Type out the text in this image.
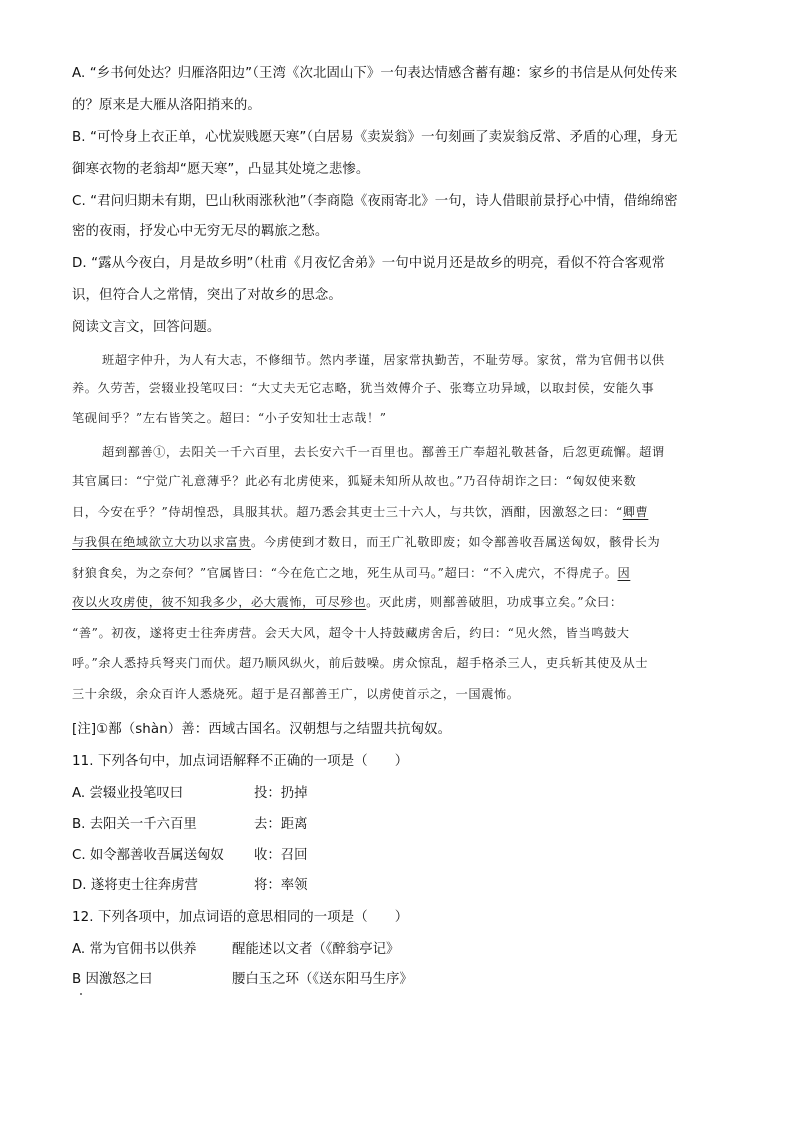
A. “乡书何处达？归雁洛阳边”（王湾《次北固山下》一句表达情感含蓄有趣：家乡的书信是从何处传来
的？原来是大雁从洛阳捎来的。
B. “可怜身上衣正单，心忧炭贱愿天寒”（白居易《卖炭翁》一句刻画了卖炭翁反常、矛盾的心理，身无
御寒衣物的老翁却“愿天寒”，凸显其处境之悲惨。
C. “君问归期未有期，巴山秋雨涨秋池”（李商隐《夜雨寄北》一句，诗人借眼前景抒心中情，借绵绵密
密的夜雨，抒发心中无穷无尽的羁旅之愁。
D. “露从今夜白，月是故乡明”（杜甫《月夜忆舍弟》一句中说月还是故乡的明亮，看似不符合客观常
识，但符合人之常情，突出了对故乡的思念。
阅读文言文，回答问题。
班超字仲升，为人有大志，不修细节。然内孝谨，居家常执勤苦，不耻劳辱。家贫，常为官佣书以供
养。久劳苦，尝辍业投笔叹曰：“大丈夫无它志略，犹当效傅介子、张骞立功异域，以取封侯，安能久事
笔砚间乎？”左右皆笑之。超曰：“小子安知壮士志哉！”
超到鄯善①，去阳关一千六百里，去长安六千一百里也。鄯善王广奉超礼敬甚备，后忽更疏懈。超谓
其官属曰：“宁觉广礼意薄乎？此必有北虏使来，狐疑未知所从故也。”乃召侍胡诈之曰：“匈奴使来数
日，今安在乎？”侍胡惶恐，具服其状。超乃悉会其吏士三十六人，与共饮，酒酣，因激怒之曰：“卿曹
与我俱在绝域欲立大功以求富贵。今虏使到才数日，而王广礼敬即废；如令鄯善收吾属送匈奴，骸骨长为
豺狼食矣，为之奈何？”官属皆曰：“今在危亡之地，死生从司马。”超曰：“不入虎穴，不得虎子。因
夜以火攻虏使，彼不知我多少，必大震怖，可尽殄也。灭此虏，则鄯善破胆，功成事立矣。”众曰：
“善”。初夜，遂将吏士往奔虏营。会天大风，超令十人持鼓藏虏舍后，约曰：“见火然，皆当鸣鼓大
呼。”余人悉持兵弩夹门而伏。超乃顺风纵火，前后鼓噪。虏众惊乱，超手格杀三人，吏兵斩其使及从士
三十余级，余众百许人悉烧死。超于是召鄯善王广，以虏使首示之，一国震怖。
[注]①鄯（shàn）善：西域古国名。汉朝想与之结盟共抗匈奴。
11. 下列各句中，加点词语解释不正确的一项是（　　）
A. 尝辍业投笔叹曰	投：扔掉
B. 去阳关一千六百里	去：距离
C. 如令鄯善收吾属送匈奴 收：召回
D. 遂将吏士往奔虏营	将：率领
12. 下列各项中，加点词语的意思相同的一项是（　　）
A. 常为官佣书以供养	醒能述以文者（《醉翁亭记》
B 因激怒之曰	腰白玉之环（《送东阳马生序》
